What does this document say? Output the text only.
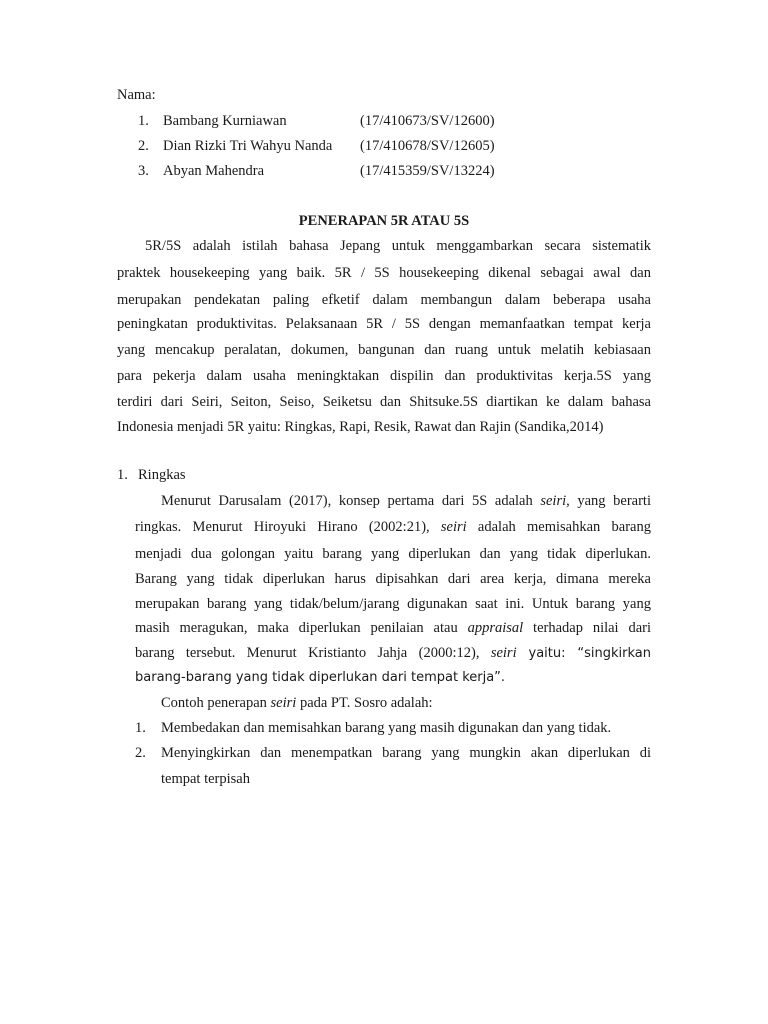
Nama:
1. Bambang Kurniawan	(17/410673/SV/12600)
2. Dian Rizki Tri Wahyu Nanda (17/410678/SV/12605)
3. Abyan Mahendra	(17/415359/SV/13224)
PENERAPAN 5R ATAU 5S
5R/5S adalah istilah bahasa Jepang untuk menggambarkan secara sistematik
praktek housekeeping yang baik. 5R / 5S housekeeping dikenal sebagai awal dan
merupakan pendekatan paling efketif dalam membangun dalam beberapa usaha
peningkatan produktivitas. Pelaksanaan 5R / 5S dengan memanfaatkan tempat kerja
yang mencakup peralatan, dokumen, bangunan dan ruang untuk melatih kebiasaan
para pekerja dalam usaha meningktakan dispilin dan produktivitas kerja.5S yang
terdiri dari Seiri, Seiton, Seiso, Seiketsu dan Shitsuke.5S diartikan ke dalam bahasa
Indonesia menjadi 5R yaitu: Ringkas, Rapi, Resik, Rawat dan Rajin (Sandika,2014)
1. Ringkas
Menurut Darusalam (2017), konsep pertama dari 5S adalah seiri, yang berarti
ringkas. Menurut Hiroyuki Hirano (2002:21), seiri adalah memisahkan barang
menjadi dua golongan yaitu barang yang diperlukan dan yang tidak diperlukan.
Barang yang tidak diperlukan harus dipisahkan dari area kerja, dimana mereka
merupakan barang yang tidak/belum/jarang digunakan saat ini. Untuk barang yang
masih meragukan, maka diperlukan penilaian atau appraisal terhadap nilai dari
barang tersebut. Menurut Kristianto Jahja (2000:12), seiri yaitu: “singkirkan
barang-barang yang tidak diperlukan dari tempat kerja”.
Contoh penerapan seiri pada PT. Sosro adalah:
1. Membedakan dan memisahkan barang yang masih digunakan dan yang tidak.
2. Menyingkirkan dan menempatkan barang yang mungkin akan diperlukan di
tempat terpisah
